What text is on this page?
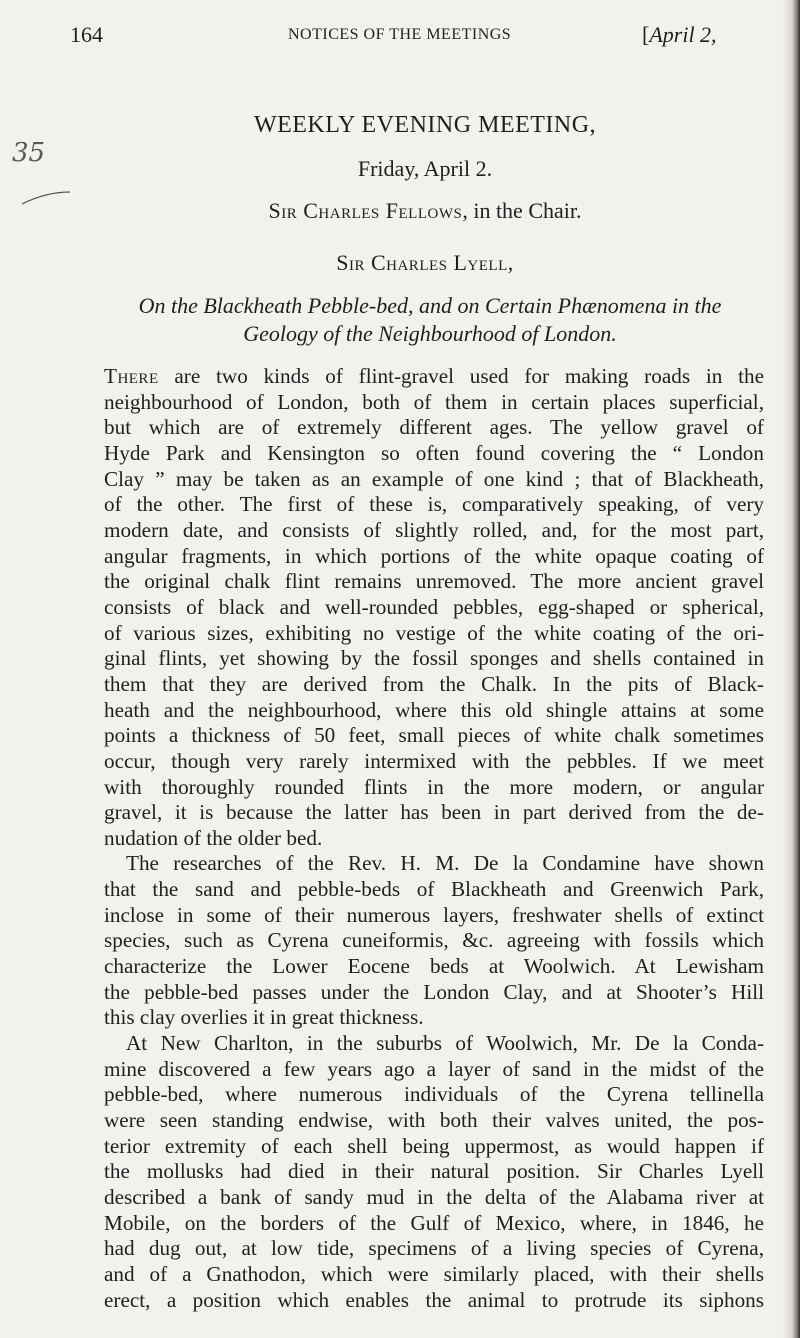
164	NOTICES OF THE MEETINGS	[April 2,
35
WEEKLY EVENING MEETING,
Friday, April 2.
Sir Charles Fellows, in the Chair.
Sir Charles Lyell,
On the Blackheath Pebble-bed, and on Certain Phænomena in the
Geology of the Neighbourhood of London.
There are two kinds of flint-gravel used for making roads in the
neighbourhood of London, both of them in certain places superficial,
but which are of extremely different ages. The yellow gravel of
Hyde Park and Kensington so often found covering the “ London
Clay ” may be taken as an example of one kind ; that of Blackheath,
of the other. The first of these is, comparatively speaking, of very
modern date, and consists of slightly rolled, and, for the most part,
angular fragments, in which portions of the white opaque coating of
the original chalk flint remains unremoved. The more ancient gravel
consists of black and well-rounded pebbles, egg-shaped or spherical,
of various sizes, exhibiting no vestige of the white coating of the ori-
ginal flints, yet showing by the fossil sponges and shells contained in
them that they are derived from the Chalk. In the pits of Black-
heath and the neighbourhood, where this old shingle attains at some
points a thickness of 50 feet, small pieces of white chalk sometimes
occur, though very rarely intermixed with the pebbles. If we meet
with thoroughly rounded flints in the more modern, or angular
gravel, it is because the latter has been in part derived from the de-
nudation of the older bed.
The researches of the Rev. H. M. De la Condamine have shown
that the sand and pebble-beds of Blackheath and Greenwich Park,
inclose in some of their numerous layers, freshwater shells of extinct
species, such as Cyrena cuneiformis, &c. agreeing with fossils which
characterize the Lower Eocene beds at Woolwich. At Lewisham
the pebble-bed passes under the London Clay, and at Shooter’s Hill
this clay overlies it in great thickness.
At New Charlton, in the suburbs of Woolwich, Mr. De la Conda-
mine discovered a few years ago a layer of sand in the midst of the
pebble-bed, where numerous individuals of the Cyrena tellinella
were seen standing endwise, with both their valves united, the pos-
terior extremity of each shell being uppermost, as would happen if
the mollusks had died in their natural position. Sir Charles Lyell
described a bank of sandy mud in the delta of the Alabama river at
Mobile, on the borders of the Gulf of Mexico, where, in 1846, he
had dug out, at low tide, specimens of a living species of Cyrena,
and of a Gnathodon, which were similarly placed, with their shells
erect, a position which enables the animal to protrude its siphons
